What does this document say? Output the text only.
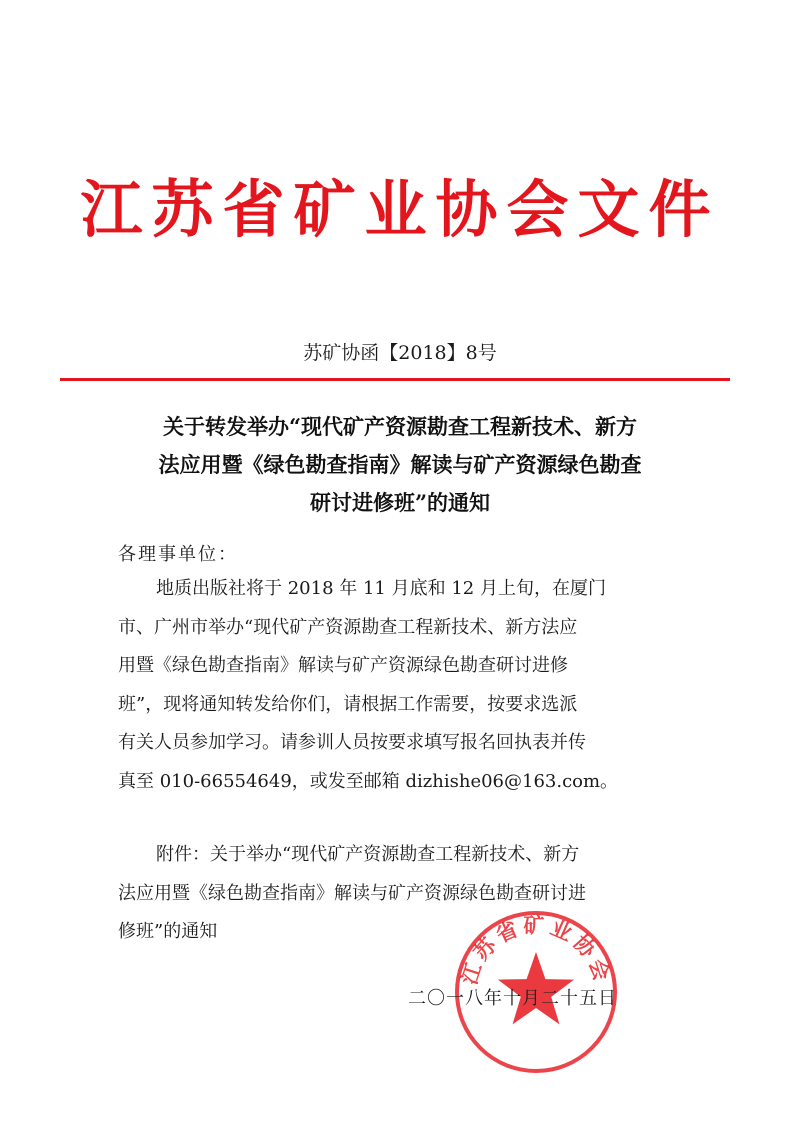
江苏省矿业协会文件
苏矿协函【2018】8号
关于转发举办“现代矿产资源勘查工程新技术、新方
法应用暨《绿色勘查指南》解读与矿产资源绿色勘查
研讨进修班”的通知
各理事单位：
地质出版社将于 2018 年 11 月底和 12 月上旬，在厦门
市、广州市举办“现代矿产资源勘查工程新技术、新方法应
用暨《绿色勘查指南》解读与矿产资源绿色勘查研讨进修
班”，现将通知转发给你们，请根据工作需要，按要求选派
有关人员参加学习。请参训人员按要求填写报名回执表并传
真至 010-66554649，或发至邮箱 dizhishe06@163.com。
附件：关于举办“现代矿产资源勘查工程新技术、新方
法应用暨《绿色勘查指南》解读与矿产资源绿色勘查研讨进
修班”的通知
江苏省矿业协会
二〇一八年十月二十五日
